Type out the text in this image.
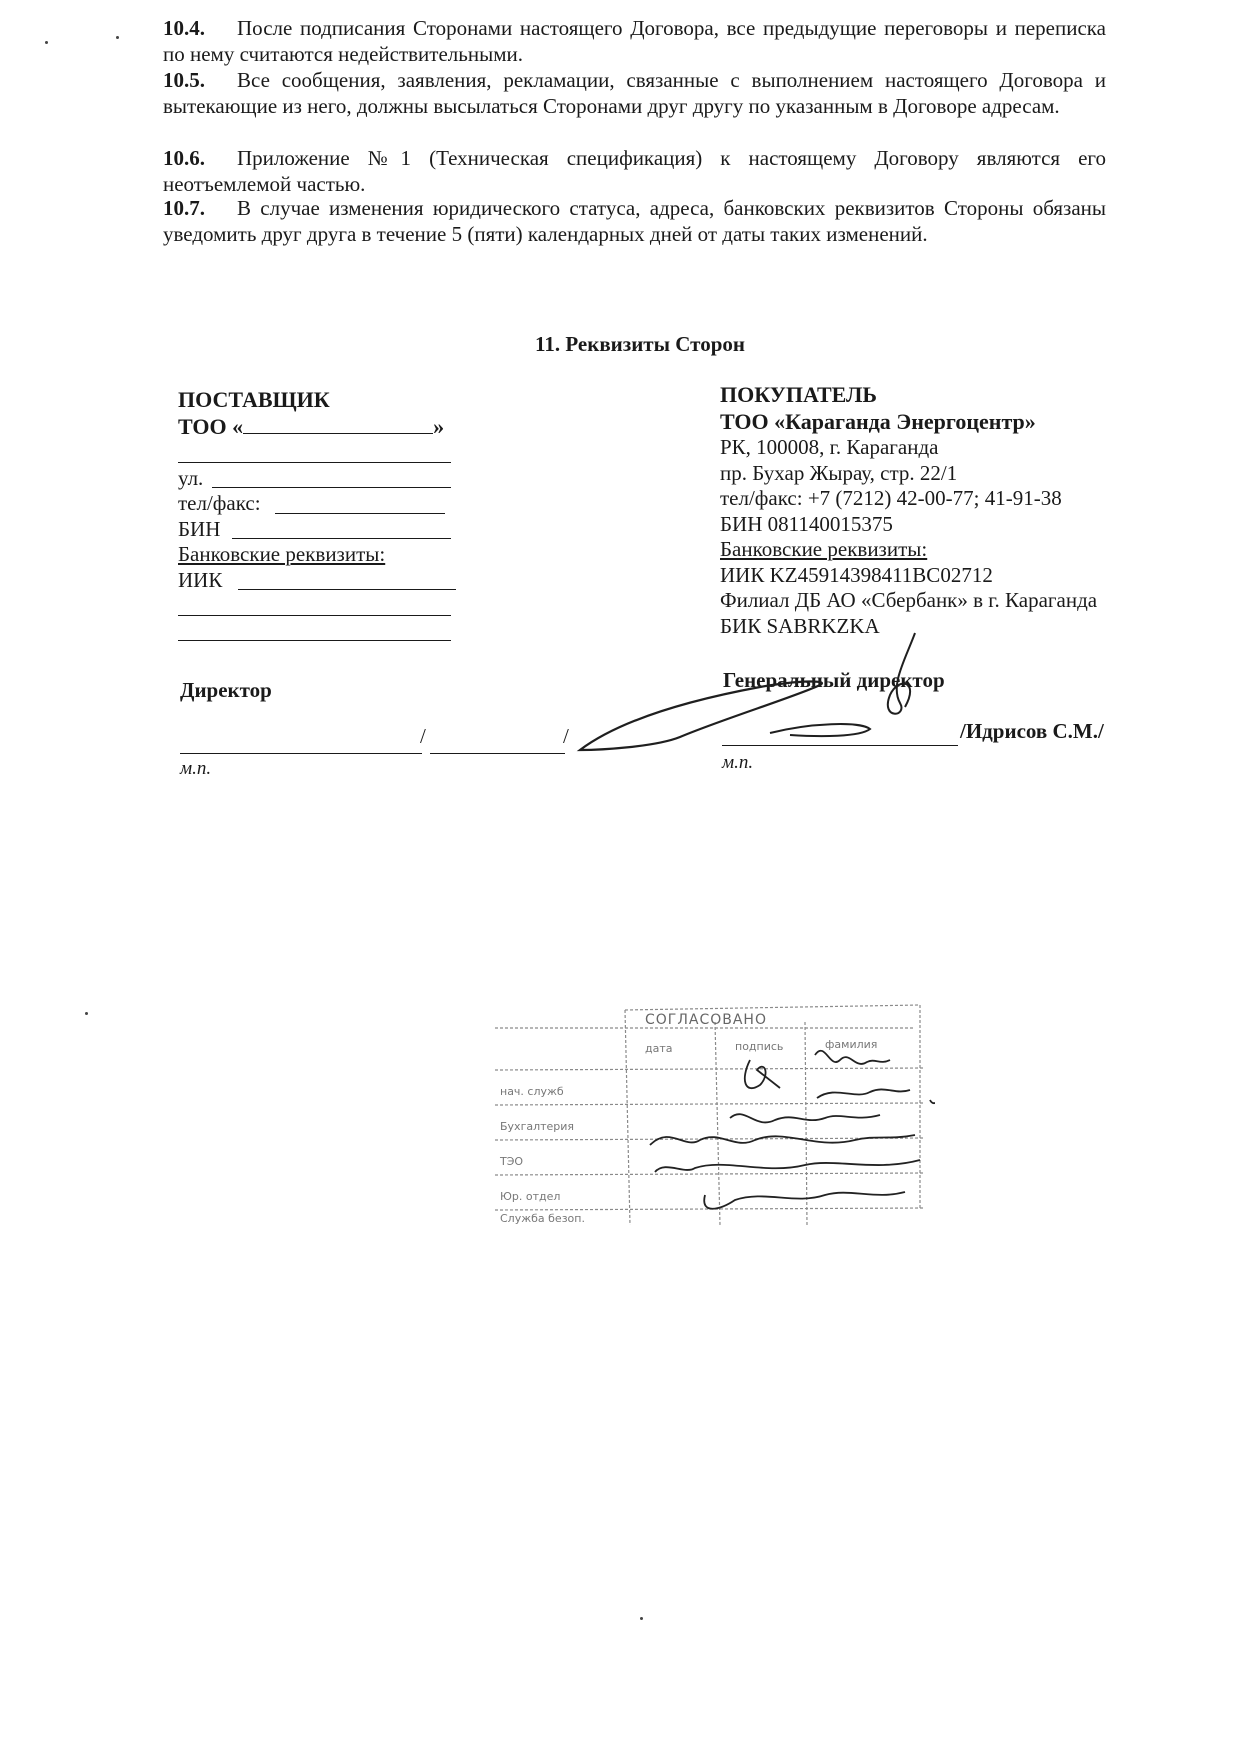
10.4. После подписания Сторонами настоящего Договора, все предыдущие переговоры и переписка по нему считаются недействительными.
10.5. Все сообщения, заявления, рекламации, связанные с выполнением настоящего Договора и вытекающие из него, должны высылаться Сторонами друг другу по указанным в Договоре адресам.
10.6. Приложение №1 (Техническая спецификация) к настоящему Договору являются его неотъемлемой частью.
10.7. В случае изменения юридического статуса, адреса, банковских реквизитов Стороны обязаны уведомить друг друга в течение 5 (пяти) календарных дней от даты таких изменений.
11. Реквизиты Сторон
ПОСТАВЩИК
ТОО «	»
ул.
тел/факс:
БИН
Банковские реквизиты:
ИИК
ПОКУПАТЕЛЬ
ТОО «Караганда Энергоцентр»
РК, 100008, г. Караганда
пр. Бухар Жырау, стр. 22/1
тел/факс: +7 (7212) 42-00-77; 41-91-38
БИН 081140015375
Банковские реквизиты:
ИИК KZ45914398411BC02712
Филиал ДБ АО «Сбербанк» в г. Караганда
БИК SABRKZKA
Директор	Генеральный директор
/	/
м.п.
/Идрисов С.М./
м.п.
СОГЛАСОВАНО
дата	подпись	фамилия
нач. служб
Бухгалтерия
ТЭО
Юр. отдел
Служба безоп.
